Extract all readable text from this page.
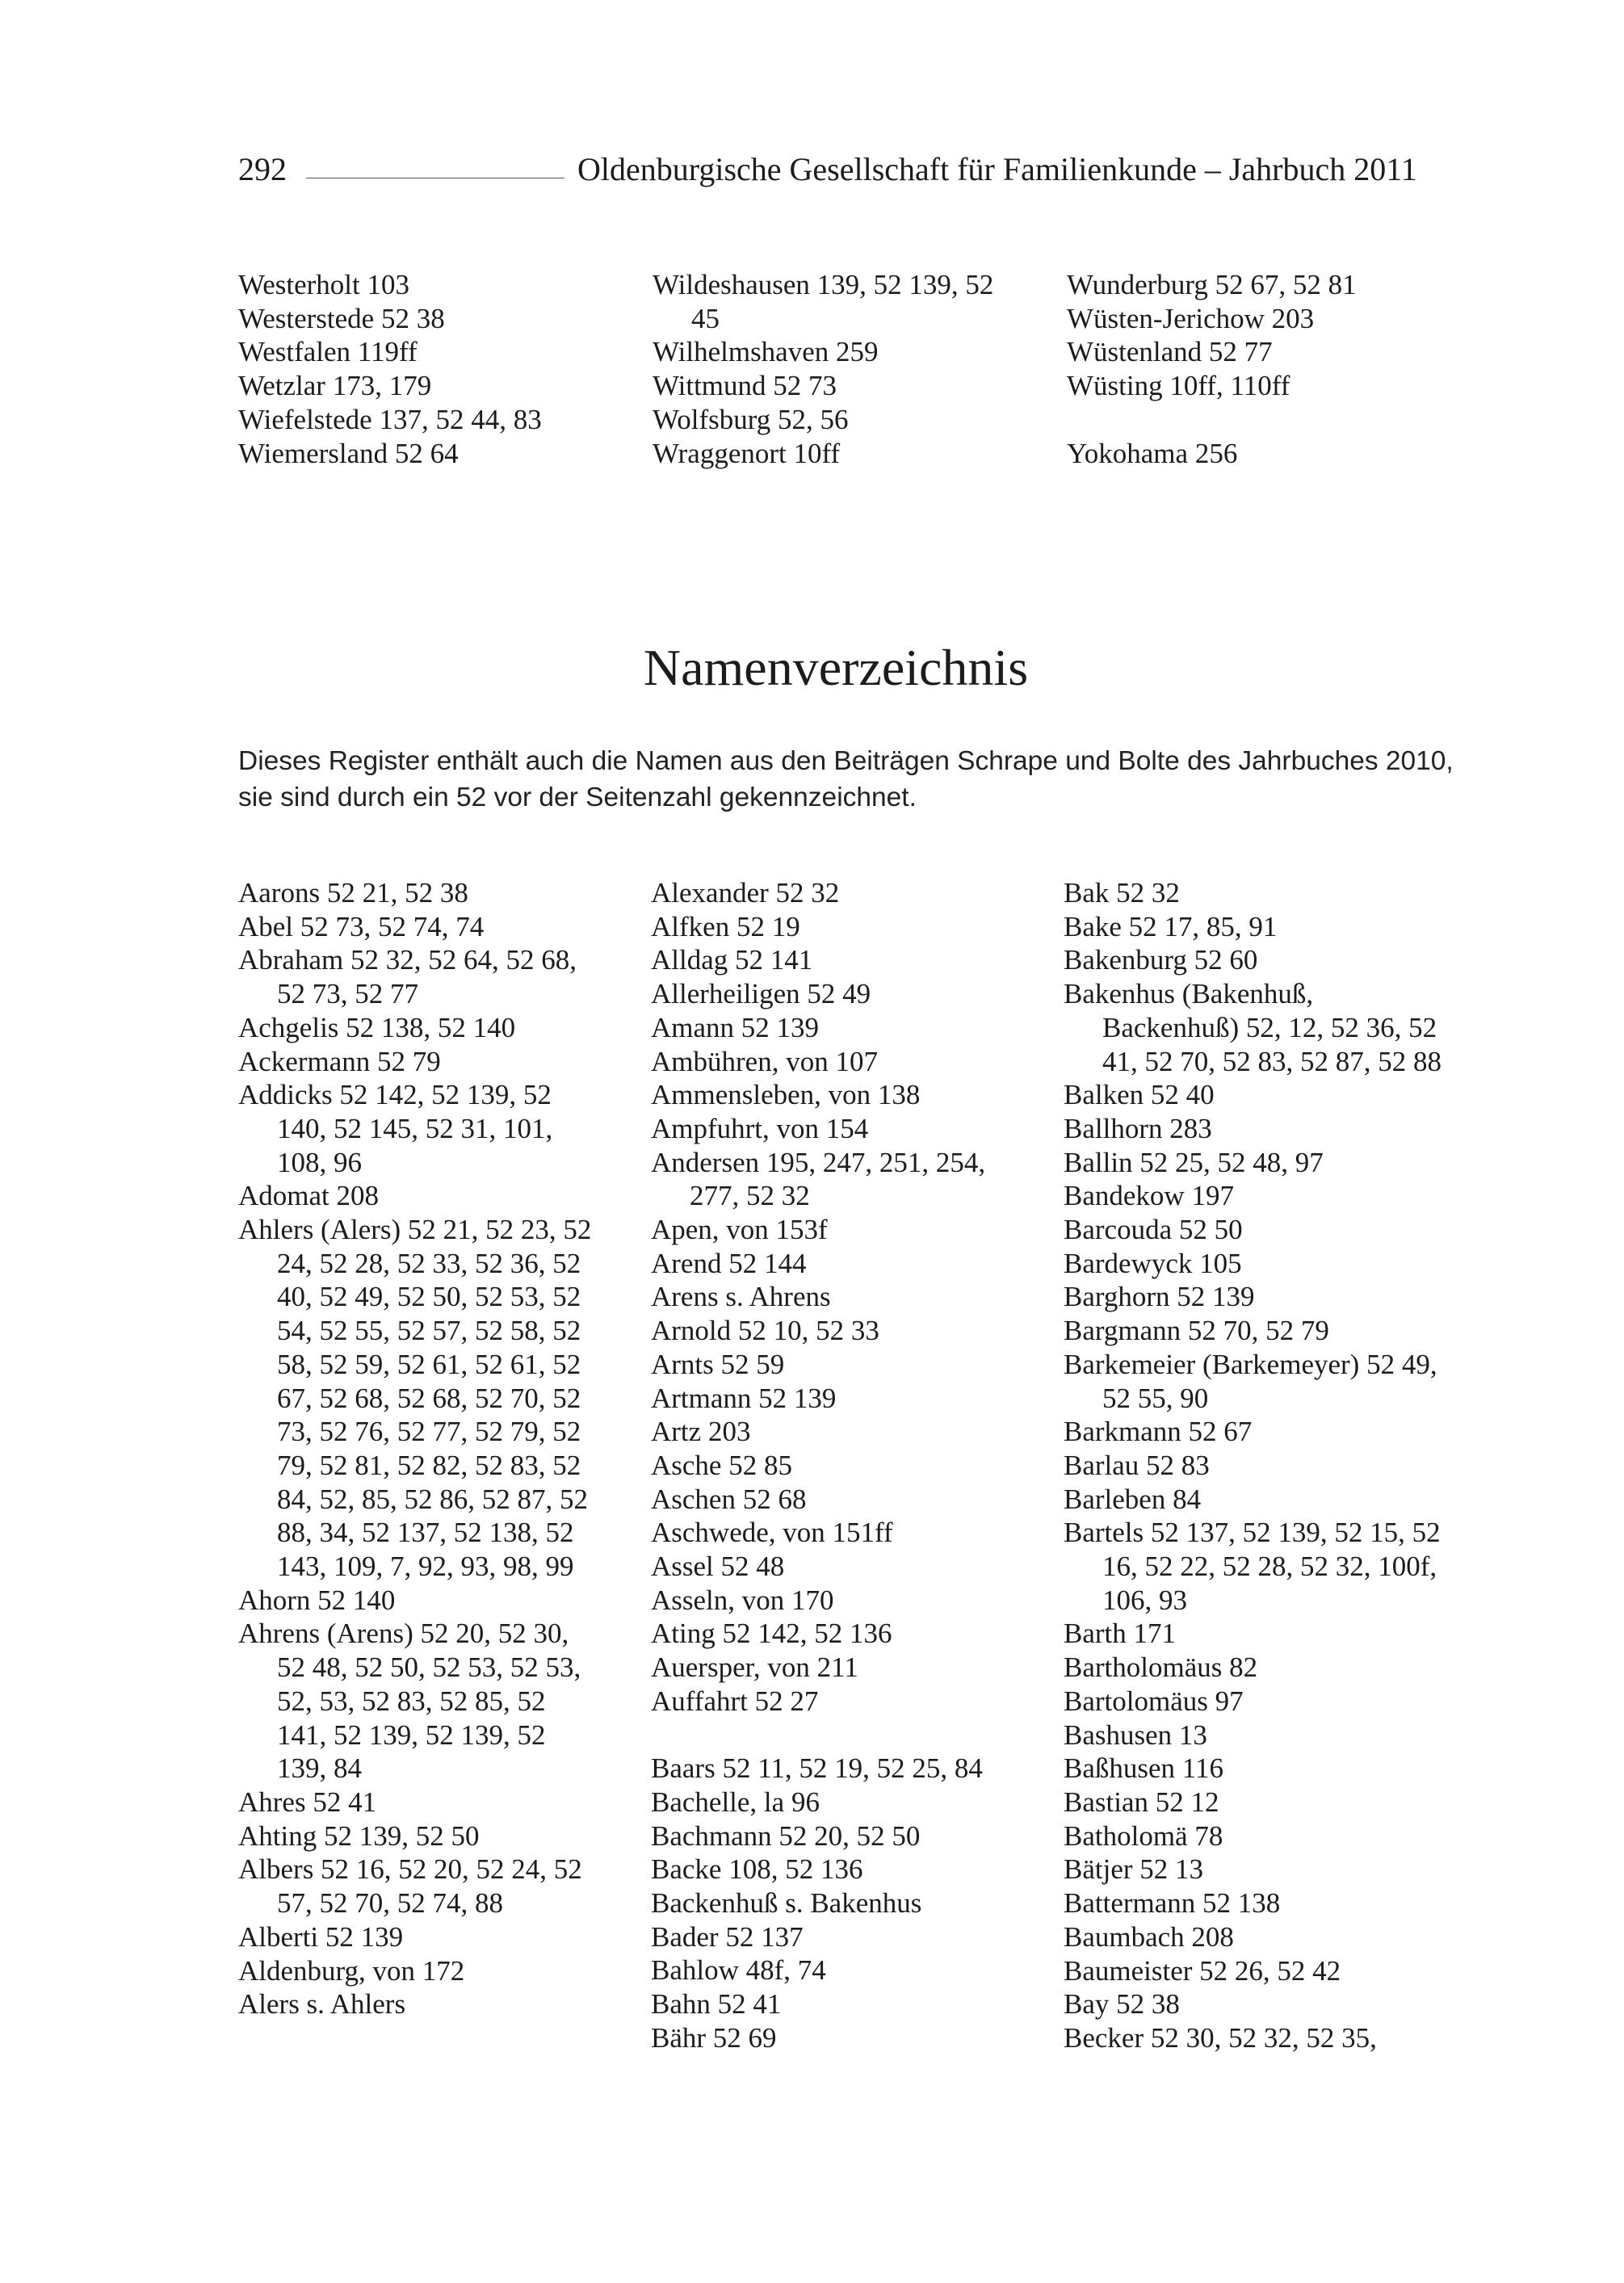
292	Oldenburgische Gesellschaft für Familienkunde – Jahrbuch 2011

Westerholt 103

Westerstede 52 38

Westfalen 119ff

Wetzlar 173, 179

Wiefelstede 137, 52 44, 83

Wiemersland 52 64

Wildeshausen 139, 52 139, 52 45

Wilhelmshaven 259

Wittmund 52 73

Wolfsburg 52, 56

Wraggenort 10ff

Wunderburg 52 67, 52 81

Wüsten-Jerichow 203

Wüstenland 52 77

Wüsting 10ff, 110ff

Yokohama 256

Namenverzeichnis

Dieses Register enthält auch die Namen aus den Beiträgen Schrape und Bolte des Jahrbuches 2010,
sie sind durch ein 52 vor der Seitenzahl gekennzeichnet.

Aarons 52 21, 52 38

Abel 52 73, 52 74, 74

Abraham 52 32, 52 64, 52 68, 52 73, 52 77

Achgelis 52 138, 52 140

Ackermann 52 79

Addicks 52 142, 52 139, 52 140, 52 145, 52 31, 101, 108, 96

Adomat 208

Ahlers (Alers) 52 21, 52 23, 52 24, 52 28, 52 33, 52 36, 52 40, 52 49, 52 50, 52 53, 52 54, 52 55, 52 57, 52 58, 52 58, 52 59, 52 61, 52 61, 52 67, 52 68, 52 68, 52 70, 52 73, 52 76, 52 77, 52 79, 52 79, 52 81, 52 82, 52 83, 52 84, 52, 85, 52 86, 52 87, 52 88, 34, 52 137, 52 138, 52 143, 109, 7, 92, 93, 98, 99

Ahorn 52 140

Ahrens (Arens) 52 20, 52 30, 52 48, 52 50, 52 53, 52 53, 52, 53, 52 83, 52 85, 52 141, 52 139, 52 139, 52 139, 84

Ahres 52 41

Ahting 52 139, 52 50

Albers 52 16, 52 20, 52 24, 52 57, 52 70, 52 74, 88

Alberti 52 139

Aldenburg, von 172

Alers s. Ahlers

Alexander 52 32

Alfken 52 19

Alldag 52 141

Allerheiligen 52 49

Amann 52 139

Ambühren, von 107

Ammensleben, von 138

Ampfuhrt, von 154

Andersen 195, 247, 251, 254, 277, 52 32

Apen, von 153f

Arend 52 144

Arens s. Ahrens

Arnold 52 10, 52 33

Arnts 52 59

Artmann 52 139

Artz 203

Asche 52 85

Aschen 52 68

Aschwede, von 151ff

Assel 52 48

Asseln, von 170

Ating 52 142, 52 136

Auersper, von 211

Auffahrt 52 27

Baars 52 11, 52 19, 52 25, 84

Bachelle, la 96

Bachmann 52 20, 52 50

Backe 108, 52 136

Backenhuß s. Bakenhus

Bader 52 137

Bahlow 48f, 74

Bahn 52 41

Bähr 52 69

Bak 52 32

Bake 52 17, 85, 91

Bakenburg 52 60

Bakenhus (Bakenhuß, Backenhuß) 52, 12, 52 36, 52 41, 52 70, 52 83, 52 87, 52 88

Balken 52 40

Ballhorn 283

Ballin 52 25, 52 48, 97

Bandekow 197

Barcouda 52 50

Bardewyck 105

Barghorn 52 139

Bargmann 52 70, 52 79

Barkemeier (Barkemeyer) 52 49, 52 55, 90

Barkmann 52 67

Barlau 52 83

Barleben 84

Bartels 52 137, 52 139, 52 15, 52 16, 52 22, 52 28, 52 32, 100f, 106, 93

Barth 171

Bartholomäus 82

Bartolomäus 97

Bashusen 13

Baßhusen 116

Bastian 52 12

Batholomä 78

Bätjer 52 13

Battermann 52 138

Baumbach 208

Baumeister 52 26, 52 42

Bay 52 38

Becker 52 30, 52 32, 52 35,
